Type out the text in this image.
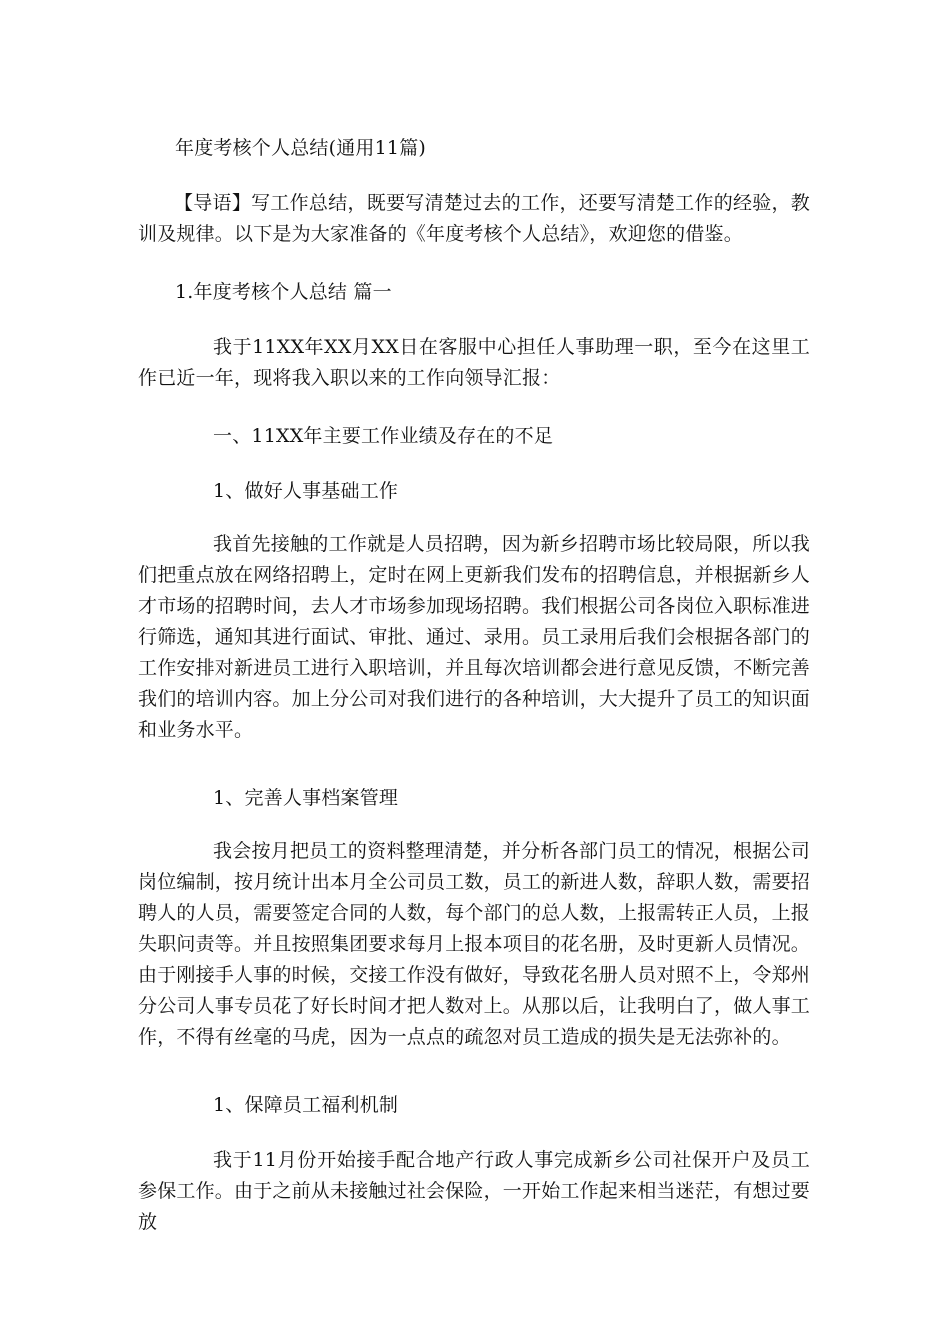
年度考核个人总结(通用11篇)

【导语】写工作总结，既要写清楚过去的工作，还要写清楚工作的经验，教训及规律。以下是为大家准备的《年度考核个人总结》，欢迎您的借鉴。

1.年度考核个人总结 篇一

我于11XX年XX月XX日在客服中心担任人事助理一职，至今在这里工作已近一年，现将我入职以来的工作向领导汇报：

一、11XX年主要工作业绩及存在的不足
1、做好人事基础工作

我首先接触的工作就是人员招聘，因为新乡招聘市场比较局限，所以我们把重点放在网络招聘上，定时在网上更新我们发布的招聘信息，并根据新乡人才市场的招聘时间，去人才市场参加现场招聘。我们根据公司各岗位入职标准进行筛选，通知其进行面试、审批、通过、录用。员工录用后我们会根据各部门的工作安排对新进员工进行入职培训，并且每次培训都会进行意见反馈，不断完善我们的培训内容。加上分公司对我们进行的各种培训，大大提升了员工的知识面和业务水平。

1、完善人事档案管理

我会按月把员工的资料整理清楚，并分析各部门员工的情况，根据公司岗位编制，按月统计出本月全公司员工数，员工的新进人数，辞职人数，需要招聘人的人员，需要签定合同的人数，每个部门的总人数，上报需转正人员，上报失职问责等。并且按照集团要求每月上报本项目的花名册，及时更新人员情况。由于刚接手人事的时候，交接工作没有做好，导致花名册人员对照不上，令郑州分公司人事专员花了好长时间才把人数对上。从那以后，让我明白了，做人事工作，不得有丝毫的马虎，因为一点点的疏忽对员工造成的损失是无法弥补的。

1、保障员工福利机制

我于11月份开始接手配合地产行政人事完成新乡公司社保开户及员工参保工作。由于之前从未接触过社会保险，一开始工作起来相当迷茫，有想过要放
